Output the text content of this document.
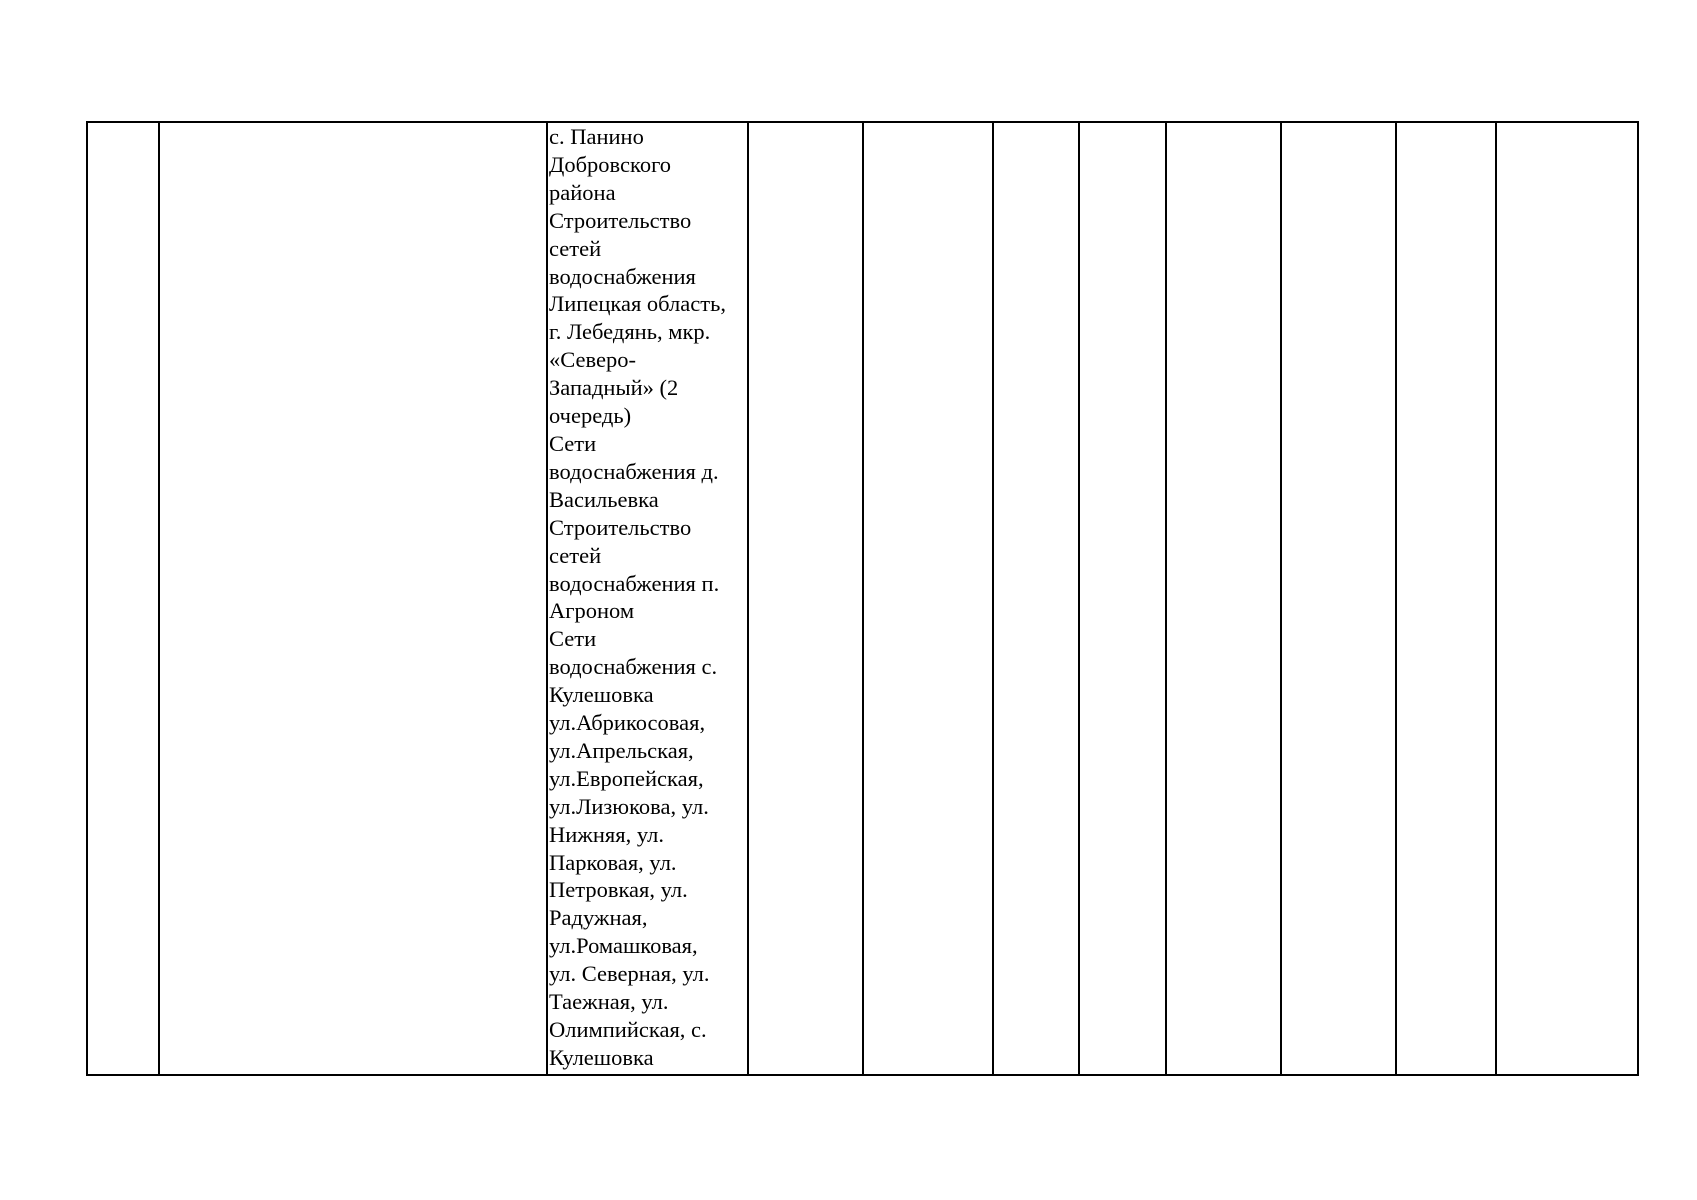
с. Панино
Добровского
района
Строительство
сетей
водоснабжения
Липецкая область,
г. Лебедянь, мкр.
«Северо-
Западный» (2
очередь)
Сети
водоснабжения д.
Васильевка
Строительство
сетей
водоснабжения п.
Агроном
Сети
водоснабжения с.
Кулешовка
ул.Абрикосовая,
ул.Апрельская,
ул.Европейская,
ул.Лизюкова, ул.
Нижняя, ул.
Парковая, ул.
Петровкая, ул.
Радужная,
ул.Ромашковая,
ул. Северная, ул.
Таежная, ул.
Олимпийская, с.
Кулешовка
